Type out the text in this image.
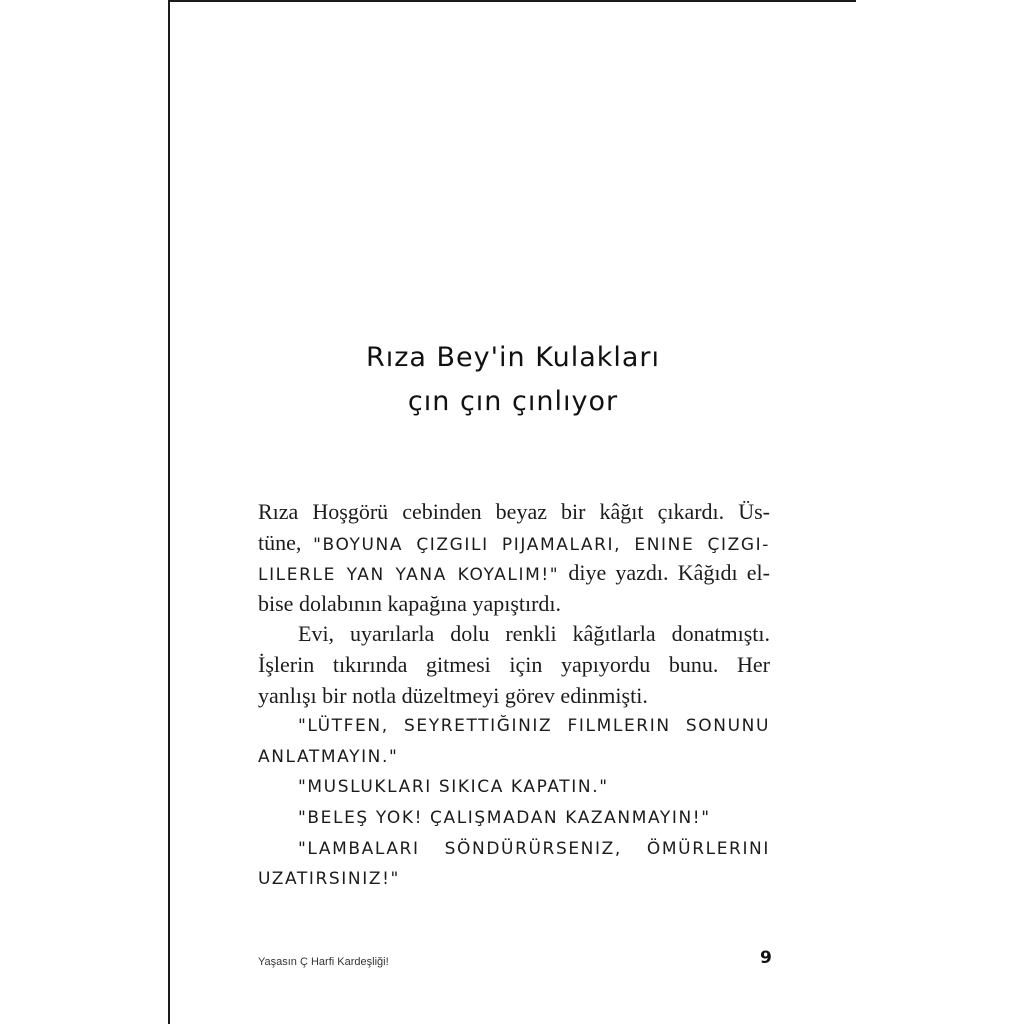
Rıza Bey'in Kulakları
çın çın çınlıyor
Rıza Hoşgörü cebinden beyaz bir kâğıt çıkardı. Üs-
tüne, "BOYUNA ÇIZGILI PIJAMALARI, ENINE ÇIZGI-
LILERLE YAN YANA KOYALIM!" diye yazdı. Kâğıdı el-
bise dolabının kapağına yapıştırdı.
Evi, uyarılarla dolu renkli kâğıtlarla donatmıştı.
İşlerin tıkırında gitmesi için yapıyordu bunu. Her
yanlışı bir notla düzeltmeyi görev edinmişti.
"LÜTFEN, SEYRETTIĞINIZ FILMLERIN SONUNU
ANLATMAYIN."
"MUSLUKLARI SIKICA KAPATIN."
"BELEŞ YOK! ÇALIŞMADAN KAZANMAYIN!"
"LAMBALARI SÖNDÜRÜRSENIZ, ÖMÜRLERINI
UZATIRSINIZ!"
Yaşasın Ç Harfi Kardeşliği!	9
